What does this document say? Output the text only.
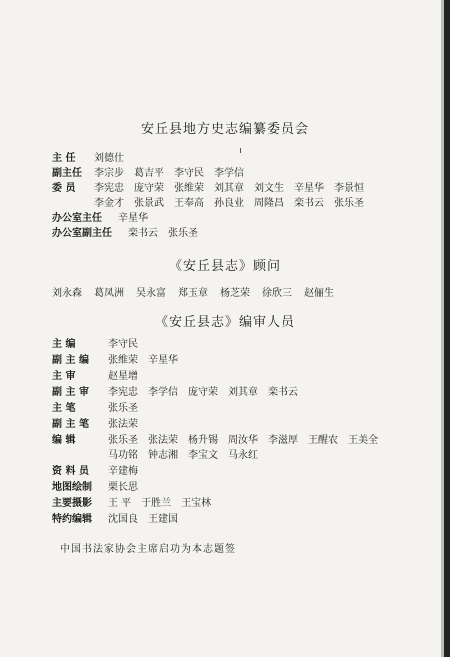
安丘县地方史志编纂委员会
主 任 刘德仕
副主任 李宗步 葛吉平 李守民 李学信
委 员 李宪忠 庞守荣 张维荣 刘其章 刘文生 辛星华 李景恒
李金才 张景武 王奉高 孙良业 周隆昌 栾书云 张乐圣
办公室主任 辛星华
办公室副主任 栾书云 张乐圣
《安丘县志》顾问
刘永森 葛凤洲 吴永富 郑玉章 杨芝荣 徐欣三 赵俪生
《安丘县志》编审人员
主 编	李守民
副 主 编 张维荣 辛星华
主 审	赵星增
副 主 审 李宪忠 李学信 庞守荣 刘其章 栾书云
主 笔	张乐圣
副 主 笔 张法荣
编 辑	张乐圣 张法荣 杨升锡 周汝华 李滋厚 王醒农 王美全
马功铭 钟志湘 李宝文 马永红
资 料 员 辛建梅
地图绘制 栗长思
主要摄影 王 平 于胜兰 王宝林
特约编辑 沈国良 王建国
中国书法家协会主席启功为本志题签
